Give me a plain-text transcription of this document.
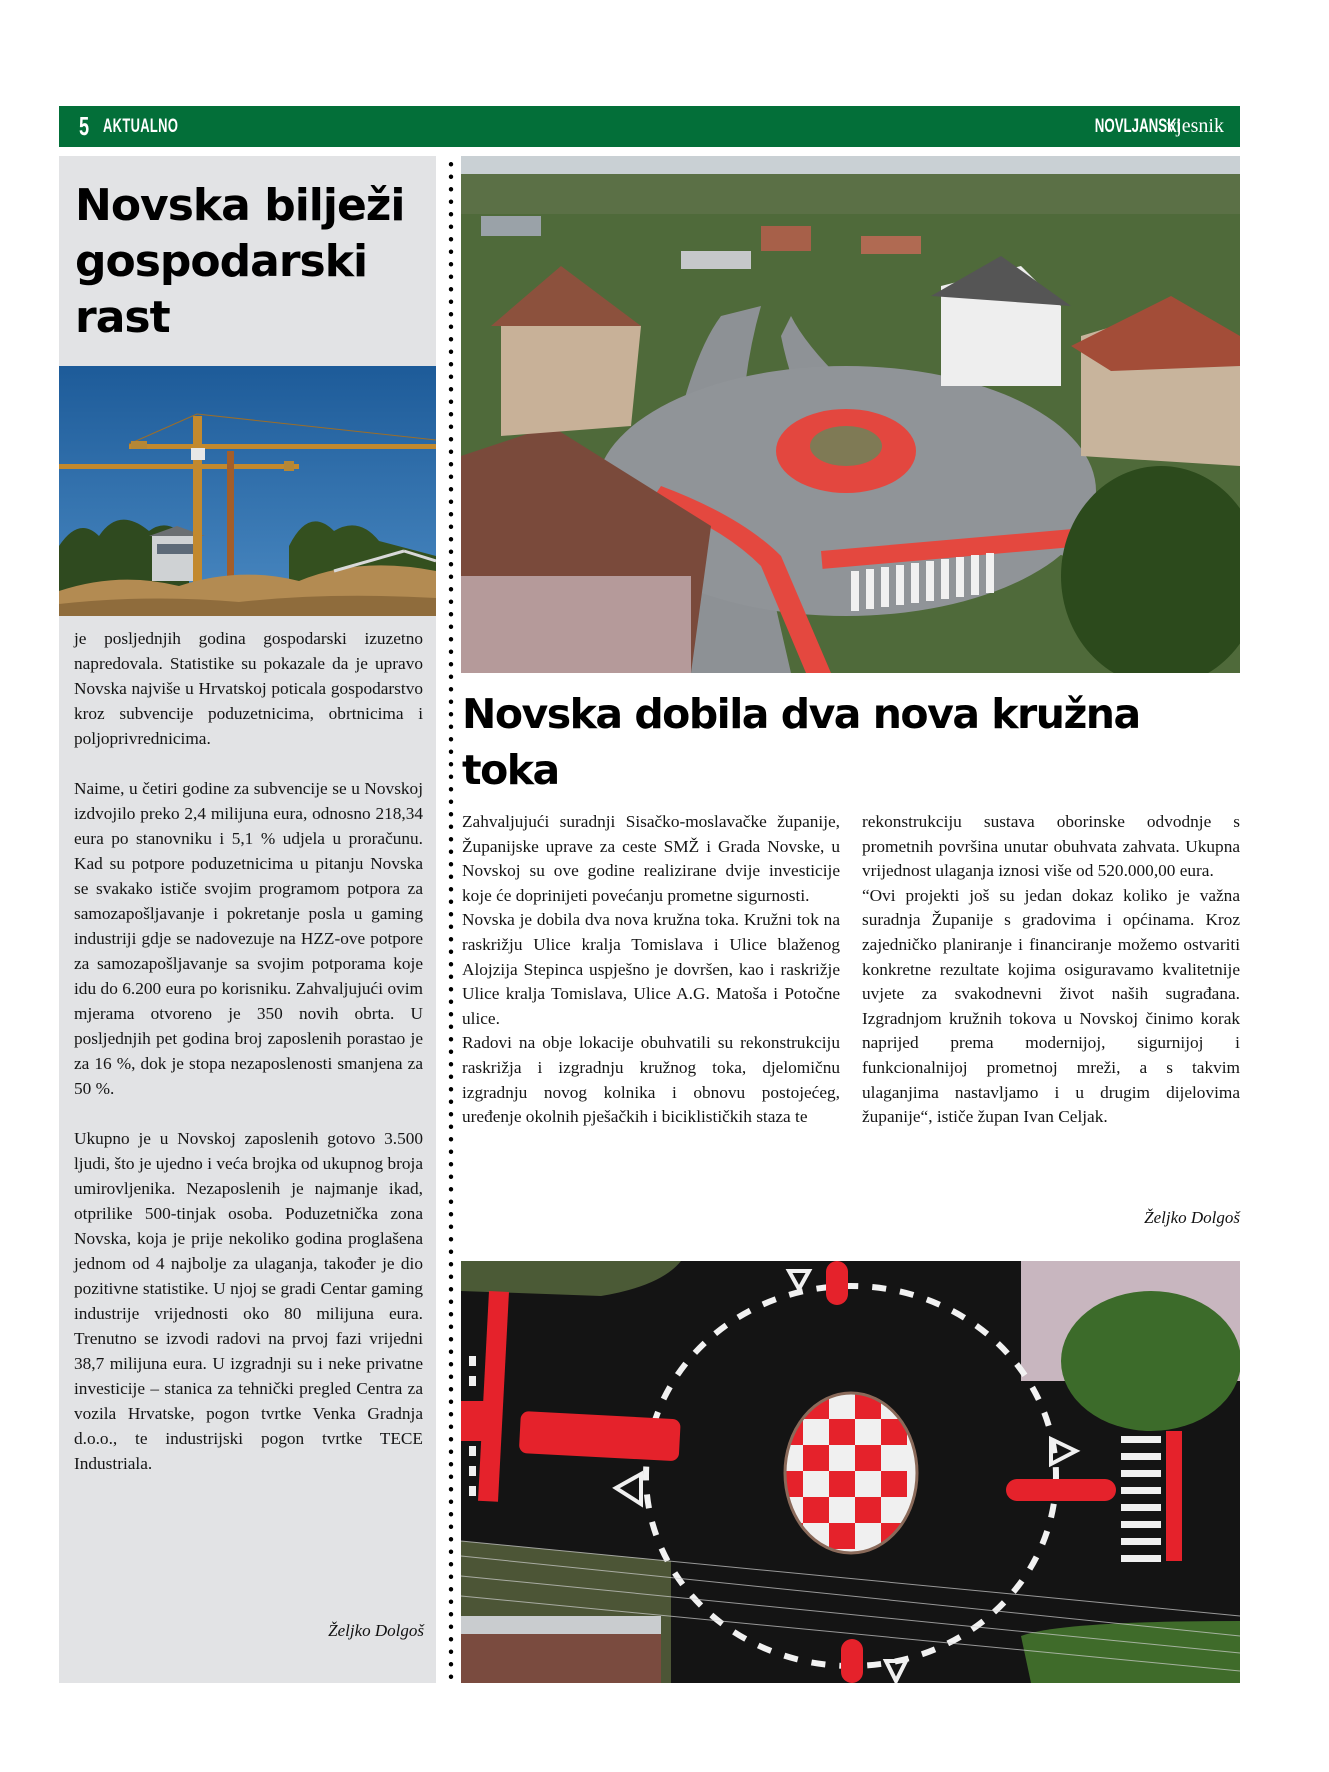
5 AKTUALNO	NOVLJANSKI
vjesnik
Novska bilježi gospodarski rast

je posljednjih godina gospodarski izuzetno napredovala. Statistike su pokazale da je upravo Novska najviše u Hrvatskoj poticala gospodarstvo kroz subvencije poduzetnicima, obrtnicima i poljoprivrednicima.

Naime, u četiri godine za subvencije se u Novskoj izdvojilo preko 2,4 milijuna eura, odnosno 218,34 eura po stanovniku i 5,1 % udjela u proračunu. Kad su potpore poduzetnicima u pitanju Novska se svakako ističe svojim programom potpora za samozapošljavanje i pokretanje posla u gaming industriji gdje se nadovezuje na HZZ-ove potpore za samozapošljavanje sa svojim potporama koje idu do 6.200 eura po korisniku. Zahvaljujući ovim mjerama otvoreno je 350 novih obrta. U posljednjih pet godina broj zaposlenih porastao je za 16 %, dok je stopa nezaposlenosti smanjena za 50 %.

Ukupno je u Novskoj zaposlenih gotovo 3.500 ljudi, što je ujedno i veća brojka od ukupnog broja umirovljenika. Nezaposlenih je najmanje ikad, otprilike 500-tinjak osoba. Poduzetnička zona Novska, koja je prije nekoliko godina proglašena jednom od 4 najbolje za ulaganja, također je dio pozitivne statistike. U njoj se gradi Centar gaming industrije vrijednosti oko 80 milijuna eura. Trenutno se izvodi radovi na prvoj fazi vrijedni 38,7 milijuna eura. U izgradnji su i neke privatne investicije – stanica za tehnički pregled Centra za vozila Hrvatske, pogon tvrtke Venka Gradnja d.o.o., te industrijski pogon tvrtke TECE Industriala.

Željko Dolgoš
Novska dobila dva nova kružna toka

Zahvaljujući suradnji Sisačko-moslavačke županije, Županijske uprave za ceste SMŽ i Grada Novske, u Novskoj su ove godine realizirane dvije investicije koje će doprinijeti povećanju prometne sigurnosti.

Novska je dobila dva nova kružna toka. Kružni tok na raskrižju Ulice kralja Tomislava i Ulice blaženog Alojzija Stepinca uspješno je dovršen, kao i raskrižje Ulice kralja Tomislava, Ulice A.G. Matoša i Potočne ulice.

Radovi na obje lokacije obuhvatili su rekonstrukciju raskrižja i izgradnju kružnog toka, djelomičnu izgradnju novog kolnika i obnovu postojećeg, uređenje okolnih pješačkih i biciklističkih staza te

rekonstrukciju sustava oborinske odvodnje s prometnih površina unutar obuhvata zahvata. Ukupna vrijednost ulaganja iznosi više od 520.000,00 eura.

“Ovi projekti još su jedan dokaz koliko je važna suradnja Županije s gradovima i općinama. Kroz zajedničko planiranje i financiranje možemo ostvariti konkretne rezultate kojima osiguravamo kvalitetnije uvjete za svakodnevni život naših sugrađana. Izgradnjom kružnih tokova u Novskoj činimo korak naprijed prema modernijoj, sigurnijoj i funkcionalnijoj prometnoj mreži, a s takvim ulaganjima nastavljamo i u drugim dijelovima županije“, ističe župan Ivan Celjak.

Željko Dolgoš
